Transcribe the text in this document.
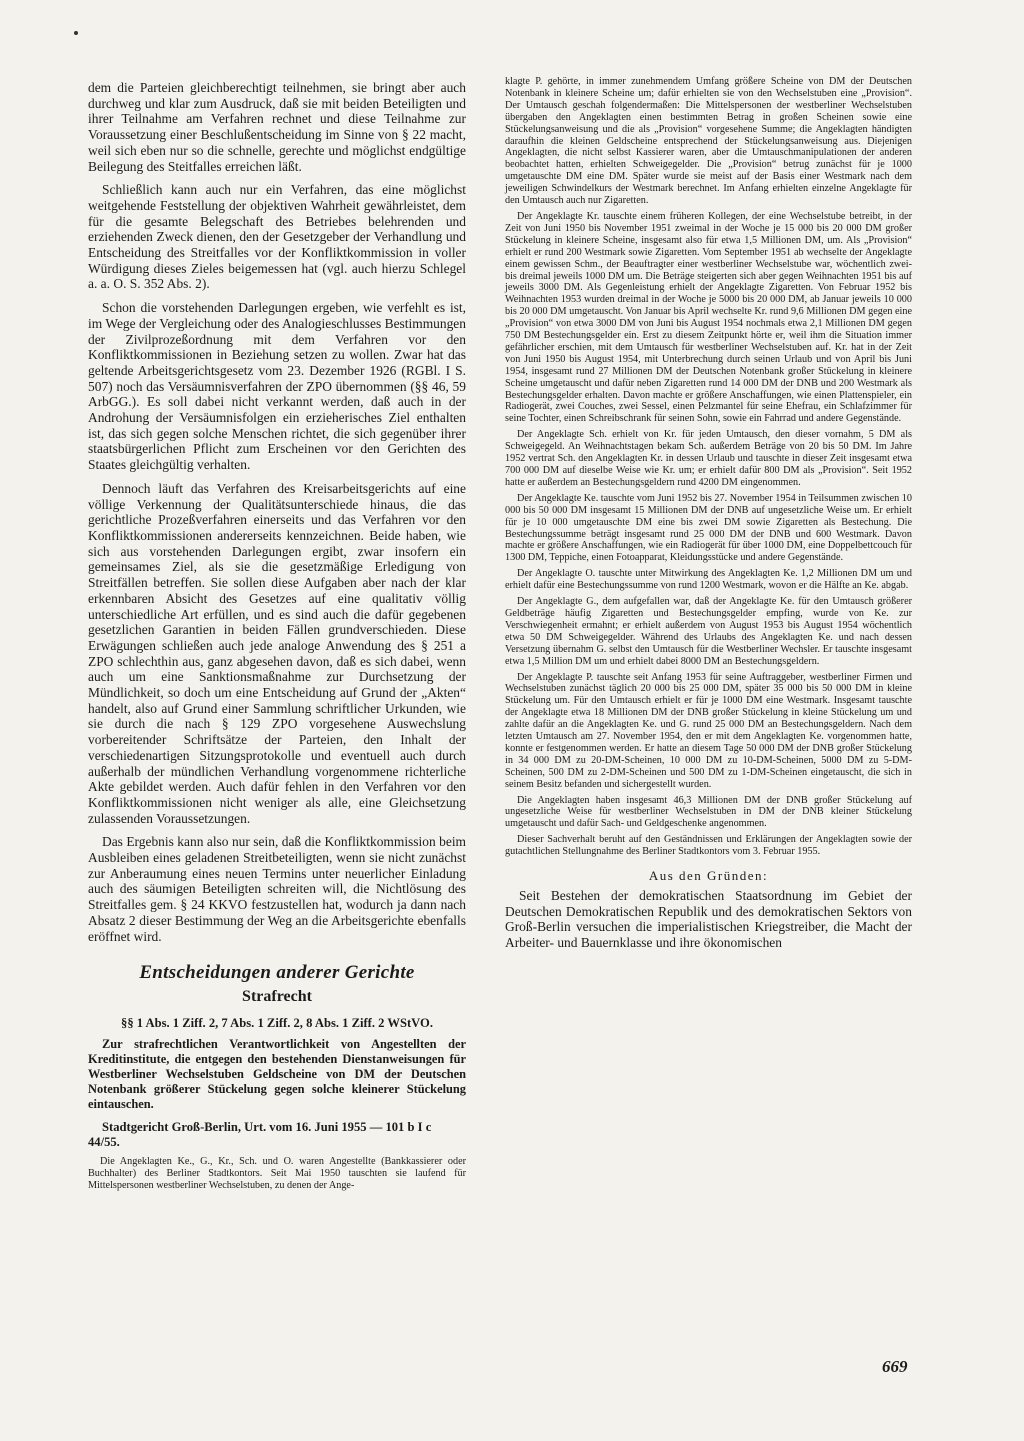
dem die Parteien gleichberechtigt teilnehmen, sie bringt aber auch durchweg und klar zum Ausdruck, daß sie mit beiden Beteiligten und ihrer Teilnahme am Verfahren rechnet und diese Teilnahme zur Voraussetzung einer Beschlußentscheidung im Sinne von § 22 macht, weil sich eben nur so die schnelle, gerechte und möglichst endgültige Beilegung des Steitfalles erreichen läßt.

Schließlich kann auch nur ein Verfahren, das eine möglichst weitgehende Feststellung der objektiven Wahrheit gewährleistet, dem für die gesamte Belegschaft des Betriebes belehrenden und erziehenden Zweck dienen, den der Gesetzgeber der Verhandlung und Entscheidung des Streitfalles vor der Konfliktkommission in voller Würdigung dieses Zieles beigemessen hat (vgl. auch hierzu Schlegel a. a. O. S. 352 Abs. 2).

Schon die vorstehenden Darlegungen ergeben, wie verfehlt es ist, im Wege der Vergleichung oder des Analogieschlusses Bestimmungen der Zivilprozeßordnung mit dem Verfahren vor den Konfliktkommissionen in Beziehung setzen zu wollen. Zwar hat das geltende Arbeitsgerichtsgesetz vom 23. Dezember 1926 (RGBl. I S. 507) noch das Versäumnisverfahren der ZPO übernommen (§§ 46, 59 ArbGG.). Es soll dabei nicht verkannt werden, daß auch in der Androhung der Versäumnisfolgen ein erzieherisches Ziel enthalten ist, das sich gegen solche Menschen richtet, die sich gegenüber ihrer staatsbürgerlichen Pflicht zum Erscheinen vor den Gerichten des Staates gleichgültig verhalten.

Dennoch läuft das Verfahren des Kreisarbeitsgerichts auf eine völlige Verkennung der Qualitätsunterschiede hinaus, die das gerichtliche Prozeßverfahren einerseits und das Verfahren vor den Konfliktkommissionen andererseits kennzeichnen. Beide haben, wie sich aus vorstehenden Darlegungen ergibt, zwar insofern ein gemeinsames Ziel, als sie die gesetzmäßige Erledigung von Streitfällen betreffen. Sie sollen diese Aufgaben aber nach der klar erkennbaren Absicht des Gesetzes auf eine qualitativ völlig unterschiedliche Art erfüllen, und es sind auch die dafür gegebenen gesetzlichen Garantien in beiden Fällen grundverschieden. Diese Erwägungen schließen auch jede analoge Anwendung des § 251 a ZPO schlechthin aus, ganz abgesehen davon, daß es sich dabei, wenn auch um eine Sanktionsmaßnahme zur Durchsetzung der Mündlichkeit, so doch um eine Entscheidung auf Grund der „Akten“ handelt, also auf Grund einer Sammlung schriftlicher Urkunden, wie sie durch die nach § 129 ZPO vorgesehene Auswechslung vorbereitender Schriftsätze der Parteien, den Inhalt der verschiedenartigen Sitzungsprotokolle und eventuell auch durch außerhalb der mündlichen Verhandlung vorgenommene richterliche Akte gebildet werden. Auch dafür fehlen in den Verfahren vor den Konfliktkommissionen nicht weniger als alle, eine Gleichsetzung zulassenden Voraussetzungen.

Das Ergebnis kann also nur sein, daß die Konfliktkommission beim Ausbleiben eines geladenen Streitbeteiligten, wenn sie nicht zunächst zur Anberaumung eines neuen Termins unter neuerlicher Einladung auch des säumigen Beteiligten schreiten will, die Nichtlösung des Streitfalles gem. § 24 KKVO festzustellen hat, wodurch ja dann nach Absatz 2 dieser Bestimmung der Weg an die Arbeitsgerichte ebenfalls eröffnet wird.

Entscheidungen anderer Gerichte
Strafrecht
§§ 1 Abs. 1 Ziff. 2, 7 Abs. 1 Ziff. 2, 8 Abs. 1 Ziff. 2 WStVO.

Zur strafrechtlichen Verantwortlichkeit von Angestellten der Kreditinstitute, die entgegen den bestehenden Dienstanweisungen für Westberliner Wechselstuben Geldscheine von DM der Deutschen Notenbank größerer Stückelung gegen solche kleinerer Stückelung eintauschen.

Stadtgericht Groß-Berlin, Urt. vom 16. Juni 1955 — 101 b I c 44/55.

Die Angeklagten Ke., G., Kr., Sch. und O. waren Angestellte (Bankkassierer oder Buchhalter) des Berliner Stadtkontors. Seit Mai 1950 tauschten sie laufend für Mittelspersonen westberliner Wechselstuben, zu denen der Ange-

klagte P. gehörte, in immer zunehmendem Umfang größere Scheine von DM der Deutschen Notenbank in kleinere Scheine um; dafür erhielten sie von den Wechselstuben eine „Provision“. Der Umtausch geschah folgendermaßen: Die Mittelspersonen der westberliner Wechselstuben übergaben den Angeklagten einen bestimmten Betrag in großen Scheinen sowie eine Stückelungsanweisung und die als „Provision“ vorgesehene Summe; die Angeklagten händigten daraufhin die kleinen Geldscheine entsprechend der Stückelungsanweisung aus. Diejenigen Angeklagten, die nicht selbst Kassierer waren, aber die Umtauschmanipulationen der anderen beobachtet hatten, erhielten Schweigegelder. Die „Provision“ betrug zunächst für je 1000 umgetauschte DM eine DM. Später wurde sie meist auf der Basis einer Westmark nach dem jeweiligen Schwindelkurs der Westmark berechnet. Im Anfang erhielten einzelne Angeklagte für den Umtausch auch nur Zigaretten.

Der Angeklagte Kr. tauschte einem früheren Kollegen, der eine Wechselstube betreibt, in der Zeit von Juni 1950 bis November 1951 zweimal in der Woche je 15 000 bis 20 000 DM großer Stückelung in kleinere Scheine, insgesamt also für etwa 1,5 Millionen DM, um. Als „Provision“ erhielt er rund 200 Westmark sowie Zigaretten. Vom September 1951 ab wechselte der Angeklagte einem gewissen Schm., der Beauftragter einer westberliner Wechselstube war, wöchentlich zwei- bis dreimal jeweils 1000 DM um. Die Beträge steigerten sich aber gegen Weihnachten 1951 bis auf jeweils 3000 DM. Als Gegenleistung erhielt der Angeklagte Zigaretten. Von Februar 1952 bis Weihnachten 1953 wurden dreimal in der Woche je 5000 bis 20 000 DM, ab Januar jeweils 10 000 bis 20 000 DM umgetauscht. Von Januar bis April wechselte Kr. rund 9,6 Millionen DM gegen eine „Provision“ von etwa 3000 DM von Juni bis August 1954 nochmals etwa 2,1 Millionen DM gegen 750 DM Bestechungsgelder ein. Erst zu diesem Zeitpunkt hörte er, weil ihm die Situation immer gefährlicher erschien, mit dem Umtausch für westberliner Wechselstuben auf. Kr. hat in der Zeit von Juni 1950 bis August 1954, mit Unterbrechung durch seinen Urlaub und von April bis Juni 1954, insgesamt rund 27 Millionen DM der Deutschen Notenbank großer Stückelung in kleinere Scheine umgetauscht und dafür neben Zigaretten rund 14 000 DM der DNB und 200 Westmark als Bestechungsgelder erhalten. Davon machte er größere Anschaffungen, wie einen Plattenspieler, ein Radiogerät, zwei Couches, zwei Sessel, einen Pelzmantel für seine Ehefrau, ein Schlafzimmer für seine Tochter, einen Schreibschrank für seinen Sohn, sowie ein Fahrrad und andere Gegenstände.

Der Angeklagte Sch. erhielt von Kr. für jeden Umtausch, den dieser vornahm, 5 DM als Schweigegeld. An Weihnachtstagen bekam Sch. außerdem Beträge von 20 bis 50 DM. Im Jahre 1952 vertrat Sch. den Angeklagten Kr. in dessen Urlaub und tauschte in dieser Zeit insgesamt etwa 700 000 DM auf dieselbe Weise wie Kr. um; er erhielt dafür 800 DM als „Provision“. Seit 1952 hatte er außerdem an Bestechungsgeldern rund 4200 DM eingenommen.

Der Angeklagte Ke. tauschte vom Juni 1952 bis 27. November 1954 in Teilsummen zwischen 10 000 bis 50 000 DM insgesamt 15 Millionen DM der DNB auf ungesetzliche Weise um. Er erhielt für je 10 000 umgetauschte DM eine bis zwei DM sowie Zigaretten als Bestechung. Die Bestechungssumme beträgt insgesamt rund 25 000 DM der DNB und 600 Westmark. Davon machte er größere Anschaffungen, wie ein Radiogerät für über 1000 DM, eine Doppelbettcouch für 1300 DM, Teppiche, einen Fotoapparat, Kleidungsstücke und andere Gegenstände.

Der Angeklagte O. tauschte unter Mitwirkung des Angeklagten Ke. 1,2 Millionen DM um und erhielt dafür eine Bestechungssumme von rund 1200 Westmark, wovon er die Hälfte an Ke. abgab.

Der Angeklagte G., dem aufgefallen war, daß der Angeklagte Ke. für den Umtausch größerer Geldbeträge häufig Zigaretten und Bestechungsgelder empfing, wurde von Ke. zur Verschwiegenheit ermahnt; er erhielt außerdem von August 1953 bis August 1954 wöchentlich etwa 50 DM Schweigegelder. Während des Urlaubs des Angeklagten Ke. und nach dessen Versetzung übernahm G. selbst den Umtausch für die Westberliner Wechsler. Er tauschte insgesamt etwa 1,5 Million DM um und erhielt dabei 8000 DM an Bestechungsgeldern.

Der Angeklagte P. tauschte seit Anfang 1953 für seine Auftraggeber, westberliner Firmen und Wechselstuben zunächst täglich 20 000 bis 25 000 DM, später 35 000 bis 50 000 DM in kleine Stückelung um. Für den Umtausch erhielt er für je 1000 DM eine Westmark. Insgesamt tauschte der Angeklagte etwa 18 Millionen DM der DNB großer Stückelung in kleine Stückelung um und zahlte dafür an die Angeklagten Ke. und G. rund 25 000 DM an Bestechungsgeldern. Nach dem letzten Umtausch am 27. November 1954, den er mit dem Angeklagten Ke. vorgenommen hatte, konnte er festgenommen werden. Er hatte an diesem Tage 50 000 DM der DNB großer Stückelung in 34 000 DM zu 20-DM-Scheinen, 10 000 DM zu 10-DM-Scheinen, 5000 DM zu 5-DM-Scheinen, 500 DM zu 2-DM-Scheinen und 500 DM zu 1-DM-Scheinen eingetauscht, die sich in seinem Besitz befanden und sichergestellt wurden.

Die Angeklagten haben insgesamt 46,3 Millionen DM der DNB großer Stückelung auf ungesetzliche Weise für westberliner Wechselstuben in DM der DNB kleiner Stückelung umgetauscht und dafür Sach- und Geldgeschenke angenommen.

Dieser Sachverhalt beruht auf den Geständnissen und Erklärungen der Angeklagten sowie der gutachtlichen Stellungnahme des Berliner Stadtkontors vom 3. Februar 1955.

Aus den Gründen:

Seit Bestehen der demokratischen Staatsordnung im Gebiet der Deutschen Demokratischen Republik und des demokratischen Sektors von Groß-Berlin versuchen die imperialistischen Kriegstreiber, die Macht der Arbeiter- und Bauernklasse und ihre ökonomischen

669
